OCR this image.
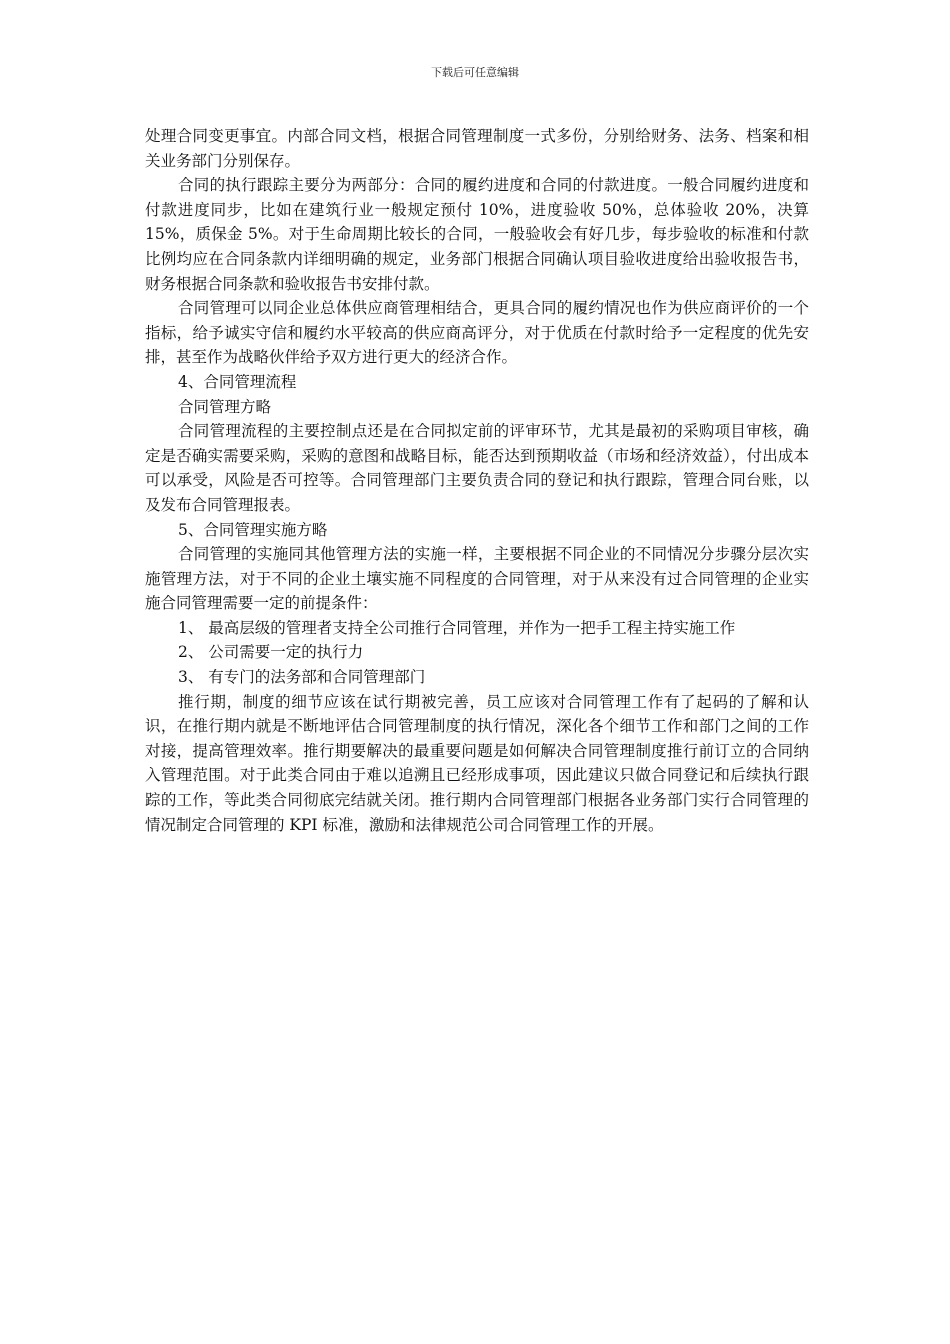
下载后可任意编辑

处理合同变更事宜。内部合同文档，根据合同管理制度一式多份，分别给财务、法务、档案和相关业务部门分别保存。

合同的执行跟踪主要分为两部分：合同的履约进度和合同的付款进度。一般合同履约进度和付款进度同步，比如在建筑行业一般规定预付 10%，进度验收 50%，总体验收 20%，决算 15%，质保金 5%。对于生命周期比较长的合同，一般验收会有好几步，每步验收的标准和付款比例均应在合同条款内详细明确的规定，业务部门根据合同确认项目验收进度给出验收报告书，财务根据合同条款和验收报告书安排付款。

合同管理可以同企业总体供应商管理相结合，更具合同的履约情况也作为供应商评价的一个指标，给予诚实守信和履约水平较高的供应商高评分，对于优质在付款时给予一定程度的优先安排，甚至作为战略伙伴给予双方进行更大的经济合作。

4、合同管理流程

合同管理方略

合同管理流程的主要控制点还是在合同拟定前的评审环节，尤其是最初的采购项目审核，确定是否确实需要采购，采购的意图和战略目标，能否达到预期收益（市场和经济效益），付出成本可以承受，风险是否可控等。合同管理部门主要负责合同的登记和执行跟踪，管理合同台账，以及发布合同管理报表。

5、合同管理实施方略

合同管理的实施同其他管理方法的实施一样，主要根据不同企业的不同情况分步骤分层次实施管理方法，对于不同的企业土壤实施不同程度的合同管理，对于从来没有过合同管理的企业实施合同管理需要一定的前提条件：

1、 最高层级的管理者支持全公司推行合同管理，并作为一把手工程主持实施工作

2、 公司需要一定的执行力

3、 有专门的法务部和合同管理部门

推行期，制度的细节应该在试行期被完善，员工应该对合同管理工作有了起码的了解和认识，在推行期内就是不断地评估合同管理制度的执行情况，深化各个细节工作和部门之间的工作对接，提高管理效率。推行期要解决的最重要问题是如何解决合同管理制度推行前订立的合同纳入管理范围。对于此类合同由于难以追溯且已经形成事项，因此建议只做合同登记和后续执行跟踪的工作，等此类合同彻底完结就关闭。推行期内合同管理部门根据各业务部门实行合同管理的情况制定合同管理的 KPI 标准，激励和法律规范公司合同管理工作的开展。
